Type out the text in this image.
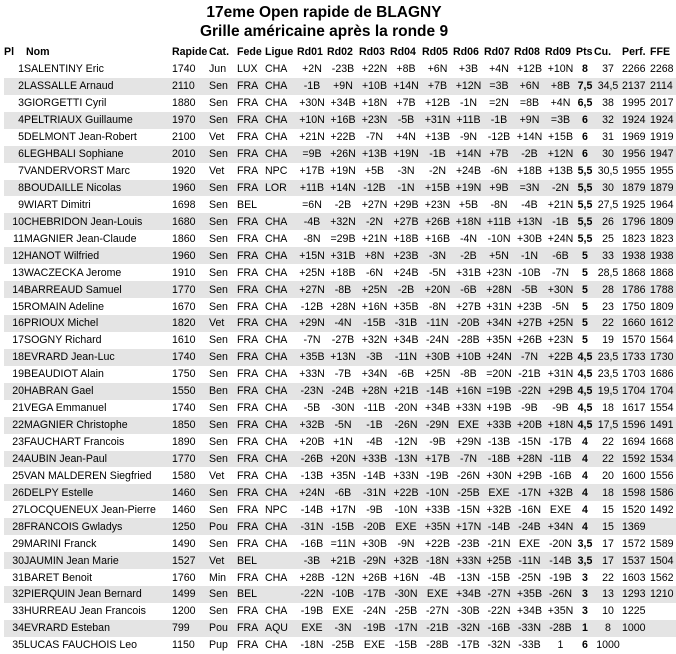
17eme Open rapide de BLAGNY
Grille américaine après la ronde 9
Pl	Nom	Rapide	Cat.	Fede	Ligue	Rd01	Rd02	Rd03	Rd04	Rd05	Rd06	Rd07	Rd08	Rd09	Pts	Cu.	Perf.	FFE
1	SALENTINY Eric	1740	Jun	LUX	CHA	+2N	-23B	+22N	+8B	+6N	+3B	+4N	+12B	+10N	8	37	2266	2268
2	LASSALLE Arnaud	2110	Sen	FRA	CHA	-1B	+9N	+10B	+14N	+7B	+12N	=3B	+6N	+8B	7,5	34,5	2137	2114
3	GIORGETTI Cyril	1880	Sen	FRA	CHA	+30N	+34B	+18N	+7B	+12B	-1N	=2N	=8B	+4N	6,5	38	1995	2017
4	PELTRIAUX Guillaume	1970	Sen	FRA	CHA	+10N	+16B	+23N	-5B	+31N	+11B	-1B	+9N	=3B	6	32	1924	1924
5	DELMONT Jean-Robert	2100	Vet	FRA	CHA	+21N	+22B	-7N	+4N	+13B	-9N	-12B	+14N	+15B	6	31	1969	1919
6	LEGHBALI Sophiane	2010	Sen	FRA	CHA	=9B	+26N	+13B	+19N	-1B	+14N	+7B	-2B	+12N	6	30	1956	1947
7	VANDERVORST Marc	1920	Vet	FRA	NPC	+17B	+19N	+5B	-3N	-2N	+24B	-6N	+18B	+13B	5,5	30,5	1955	1955
8	BOUDAILLE Nicolas	1960	Sen	FRA	LOR	+11B	+14N	-12B	-1N	+15B	+19N	+9B	=3N	-2N	5,5	30	1879	1879
9	WIART Dimitri	1698	Sen	BEL		=6N	-2B	+27N	+29B	+23N	+5B	-8N	-4B	+21N	5,5	27,5	1925	1964
10	CHEBRIDON Jean-Louis	1680	Sen	FRA	CHA	-4B	+32N	-2N	+27B	+26B	+18N	+11B	+13N	-1B	5,5	26	1796	1809
11	MAGNIER Jean-Claude	1860	Sen	FRA	CHA	-8N	=29B	+21N	+18B	+16B	-4N	-10N	+30B	+24N	5,5	25	1823	1823
12	HANOT Wilfried	1960	Sen	FRA	CHA	+15N	+31B	+8N	+23B	-3N	-2B	+5N	-1N	-6B	5	33	1938	1938
13	WACZECKA Jerome	1910	Sen	FRA	CHA	+25N	+18B	-6N	+24B	-5N	+31B	+23N	-10B	-7N	5	28,5	1868	1868
14	BARREAUD Samuel	1770	Sen	FRA	CHA	+27N	-8B	+25N	-2B	+20N	-6B	+28N	-5B	+30N	5	28	1786	1788
15	ROMAIN Adeline	1670	Sen	FRA	CHA	-12B	+28N	+16N	+35B	-8N	+27B	+31N	+23B	-5N	5	23	1750	1809
16	PRIOUX Michel	1820	Vet	FRA	CHA	+29N	-4N	-15B	-31B	-11N	-20B	+34N	+27B	+25N	5	22	1660	1612
17	SOGNY Richard	1610	Sen	FRA	CHA	-7N	-27B	+32N	+34B	-24N	-28B	+35N	+26B	+23N	5	19	1570	1564
18	EVRARD Jean-Luc	1740	Sen	FRA	CHA	+35B	+13N	-3B	-11N	+30B	+10B	+24N	-7N	+22B	4,5	23,5	1733	1730
19	BEAUDIOT Alain	1750	Sen	FRA	CHA	+33N	-7B	+34N	-6B	+25N	-8B	=20N	-21B	+31N	4,5	23,5	1703	1686
20	HABRAN Gael	1550	Ben	FRA	CHA	-23N	-24B	+28N	+21B	-14B	+16N	=19B	-22N	+29B	4,5	19,5	1704	1704
21	VEGA Emmanuel	1740	Sen	FRA	CHA	-5B	-30N	-11B	-20N	+34B	+33N	+19B	-9B	-9B	4,5	18	1617	1554
22	MAGNIER Christophe	1850	Sen	FRA	CHA	+32B	-5N	-1B	-26N	-29N	EXE	+33B	+20B	+18N	4,5	17,5	1596	1491
23	FAUCHART Francois	1890	Sen	FRA	CHA	+20B	+1N	-4B	-12N	-9B	+29N	-13B	-15N	-17B	4	22	1694	1668
24	AUBIN Jean-Paul	1770	Sen	FRA	CHA	-26B	+20N	+33B	-13N	+17B	-7N	-18B	+28N	-11B	4	22	1592	1534
25	VAN MALDEREN Siegfried	1580	Vet	FRA	CHA	-13B	+35N	-14B	+33N	-19B	-26N	+30N	+29B	-16B	4	20	1600	1556
26	DELPY Estelle	1460	Sen	FRA	CHA	+24N	-6B	-31N	+22B	-10N	-25B	EXE	-17N	+32B	4	18	1598	1586
27	LOCQUENEUX Jean-Pierre	1460	Sen	FRA	NPC	-14B	+17N	-9B	-10N	+33B	-15N	+32B	-16N	EXE	4	15	1520	1492
28	FRANCOIS Gwladys	1250	Pou	FRA	CHA	-31N	-15B	-20B	EXE	+35N	+17N	-14B	-24B	+34N	4	15	1369	
29	MARINI Franck	1490	Sen	FRA	CHA	-16B	=11N	+30B	-9N	+22B	-23B	-21N	EXE	-20N	3,5	17	1572	1589
30	JAUMIN Jean Marie	1527	Vet	BEL		-3B	+21B	-29N	+32B	-18N	+33N	+25B	-11N	-14B	3,5	17	1537	1504
31	BARET Benoit	1760	Min	FRA	CHA	+28B	-12N	+26B	+16N	-4B	-13N	-15B	-25N	-19B	3	22	1603	1562
32	PIERQUIN Jean Bernard	1499	Sen	BEL		-22N	-10B	-17B	-30N	EXE	+34B	-27N	+35B	-26N	3	13	1293	1210
33	HURREAU Jean Francois	1200	Sen	FRA	CHA	-19B	EXE	-24N	-25B	-27N	-30B	-22N	+34B	+35N	3	10	1225	
34	EVRARD Esteban	799	Pou	FRA	AQU	EXE	-3N	-19B	-17N	-21B	-32N	-16B	-33N	-28B	1	8	1000	
35	LUCAS FAUCHOIS Leo	1150	Pup	FRA	CHA	-18N	-25B	EXE	-15B	-28B	-17B	-32N	-33B	1	6	1000		
